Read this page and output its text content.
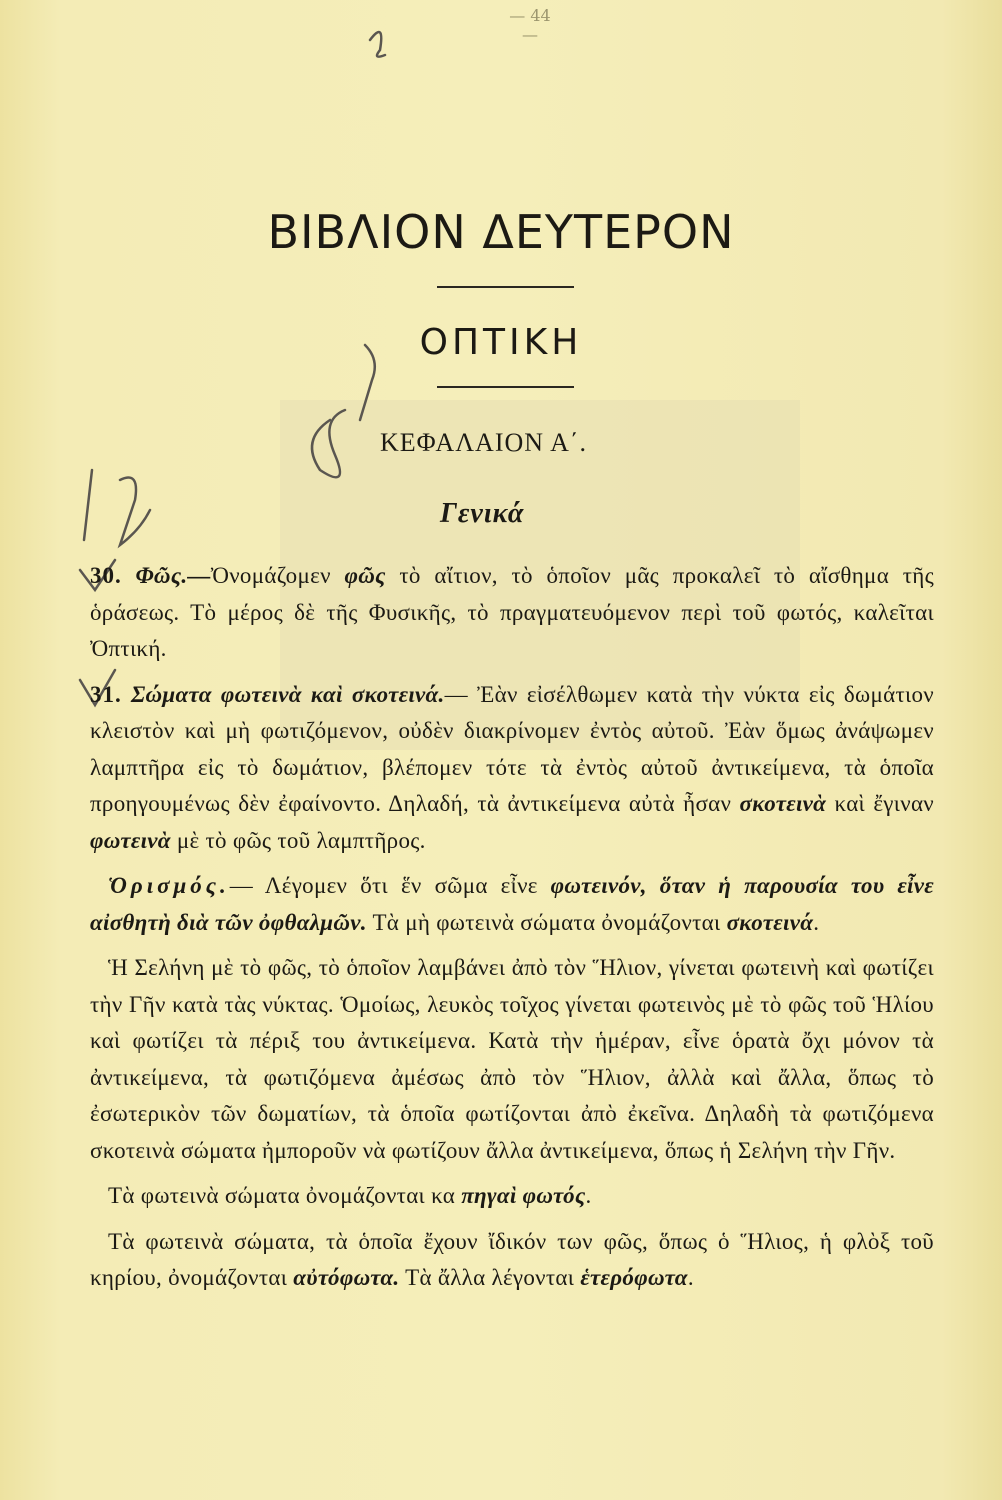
— 44 —
ΒΙΒΛΙΟΝ ΔΕΥΤΕΡΟΝ
ΟΠΤΙΚΗ
ΚΕΦΑΛΑΙΟΝ Α΄.
Γενικά

30. Φῶς.—Ὀνομάζομεν φῶς τὸ αἴτιον, τὸ ὁποῖον μᾶς προκαλεῖ τὸ αἴσθημα τῆς ὁράσεως. Τὸ μέρος δὲ τῆς Φυσικῆς, τὸ πραγματευόμενον περὶ τοῦ φωτός, καλεῖται Ὀπτική.

31. Σώματα φωτεινὰ καὶ σκοτεινά.— Ἐὰν εἰσέλθωμεν κατὰ τὴν νύκτα εἰς δωμάτιον κλειστὸν καὶ μὴ φωτιζόμενον, οὐδὲν διακρίνομεν ἐντὸς αὐτοῦ. Ἐὰν ὅμως ἀνάψωμεν λαμπτῆρα εἰς τὸ δωμάτιον, βλέπομεν τότε τὰ ἐντὸς αὐτοῦ ἀντικείμενα, τὰ ὁποῖα προηγουμένως δὲν ἐφαίνοντο. Δηλαδή, τὰ ἀντικείμενα αὐτὰ ἦσαν σκοτεινὰ καὶ ἔγιναν φωτεινὰ μὲ τὸ φῶς τοῦ λαμπτῆρος.

Ὁρισμός.— Λέγομεν ὅτι ἕν σῶμα εἶνε φωτεινόν, ὅταν ἡ παρουσία του εἶνε αἰσθητὴ διὰ τῶν ὀφθαλμῶν. Τὰ μὴ φωτεινὰ σώματα ὀνομάζονται σκοτεινά.

Ἡ Σελήνη μὲ τὸ φῶς, τὸ ὁποῖον λαμβάνει ἀπὸ τὸν Ἥλιον, γίνεται φωτεινὴ καὶ φωτίζει τὴν Γῆν κατὰ τὰς νύκτας. Ὁμοίως, λευκὸς τοῖχος γίνεται φωτεινὸς μὲ τὸ φῶς τοῦ Ἡλίου καὶ φωτίζει τὰ πέριξ του ἀντικείμενα. Κατὰ τὴν ἡμέραν, εἶνε ὁρατὰ ὄχι μόνον τὰ ἀντικείμενα, τὰ φωτιζόμενα ἀμέσως ἀπὸ τὸν Ἥλιον, ἀλλὰ καὶ ἄλλα, ὅπως τὸ ἐσωτερικὸν τῶν δωματίων, τὰ ὁποῖα φωτίζονται ἀπὸ ἐκεῖνα. Δηλαδὴ τὰ φωτιζόμενα σκοτεινὰ σώματα ἠμποροῦν νὰ φωτίζουν ἄλλα ἀντικείμενα, ὅπως ἡ Σελήνη τὴν Γῆν.

Τὰ φωτεινὰ σώματα ὀνομάζονται κα πηγαὶ φωτός.

Τὰ φωτεινὰ σώματα, τὰ ὁποῖα ἔχουν ἴδικόν των φῶς, ὅπως ὁ Ἥλιος, ἡ φλὸξ τοῦ κηρίου, ὀνομάζονται αὐτόφωτα. Τὰ ἄλλα λέγονται ἑτερόφωτα.
